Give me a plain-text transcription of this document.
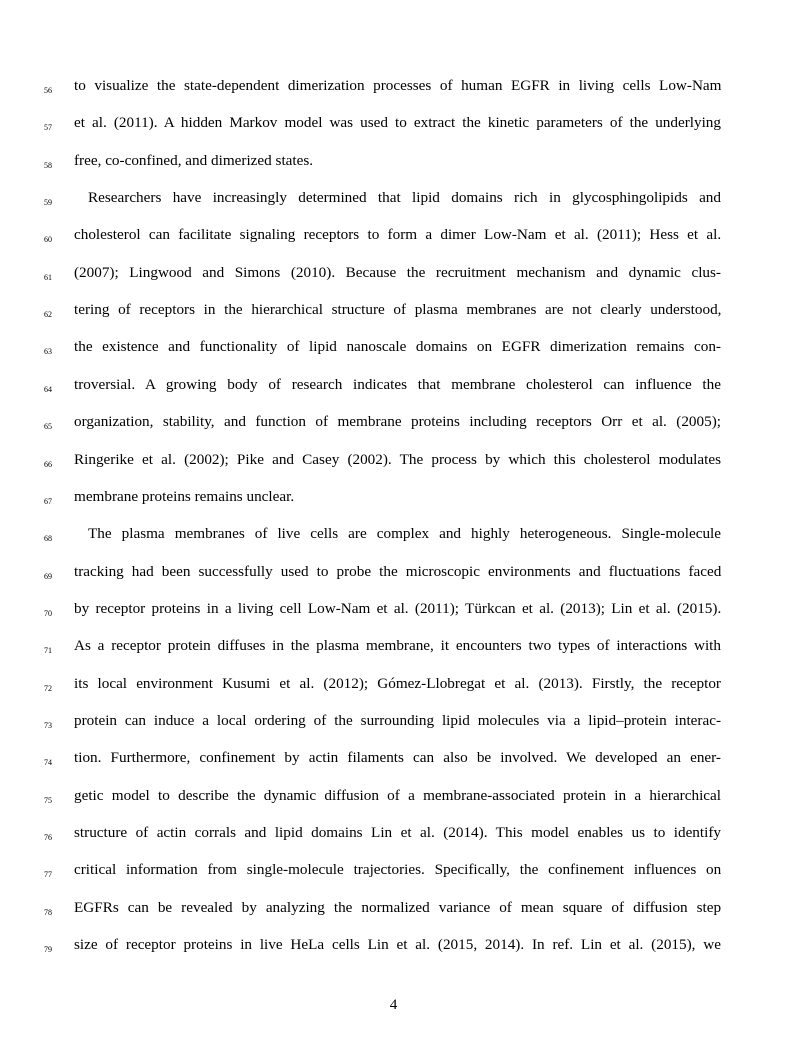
56	to visualize the state-dependent dimerization processes of human EGFR in living cells Low-Nam
57	et al. (2011). A hidden Markov model was used to extract the kinetic parameters of the underlying
58	free, co-confined, and dimerized states.
59	Researchers have increasingly determined that lipid domains rich in glycosphingolipids and
60	cholesterol can facilitate signaling receptors to form a dimer Low-Nam et al. (2011); Hess et al.
61	(2007); Lingwood and Simons (2010). Because the recruitment mechanism and dynamic clus-
62	tering of receptors in the hierarchical structure of plasma membranes are not clearly understood,
63	the existence and functionality of lipid nanoscale domains on EGFR dimerization remains con-
64	troversial. A growing body of research indicates that membrane cholesterol can influence the
65	organization, stability, and function of membrane proteins including receptors Orr et al. (2005);
66	Ringerike et al. (2002); Pike and Casey (2002). The process by which this cholesterol modulates
67	membrane proteins remains unclear.
68	The plasma membranes of live cells are complex and highly heterogeneous. Single-molecule
69	tracking had been successfully used to probe the microscopic environments and fluctuations faced
70	by receptor proteins in a living cell Low-Nam et al. (2011); Türkcan et al. (2013); Lin et al. (2015).
71	As a receptor protein diffuses in the plasma membrane, it encounters two types of interactions with
72	its local environment Kusumi et al. (2012); Gómez-Llobregat et al. (2013). Firstly, the receptor
73	protein can induce a local ordering of the surrounding lipid molecules via a lipid–protein interac-
74	tion. Furthermore, confinement by actin filaments can also be involved. We developed an ener-
75	getic model to describe the dynamic diffusion of a membrane-associated protein in a hierarchical
76	structure of actin corrals and lipid domains Lin et al. (2014). This model enables us to identify
77	critical information from single-molecule trajectories. Specifically, the confinement influences on
78	EGFRs can be revealed by analyzing the normalized variance of mean square of diffusion step
79	size of receptor proteins in live HeLa cells Lin et al. (2015, 2014). In ref. Lin et al. (2015), we
4
